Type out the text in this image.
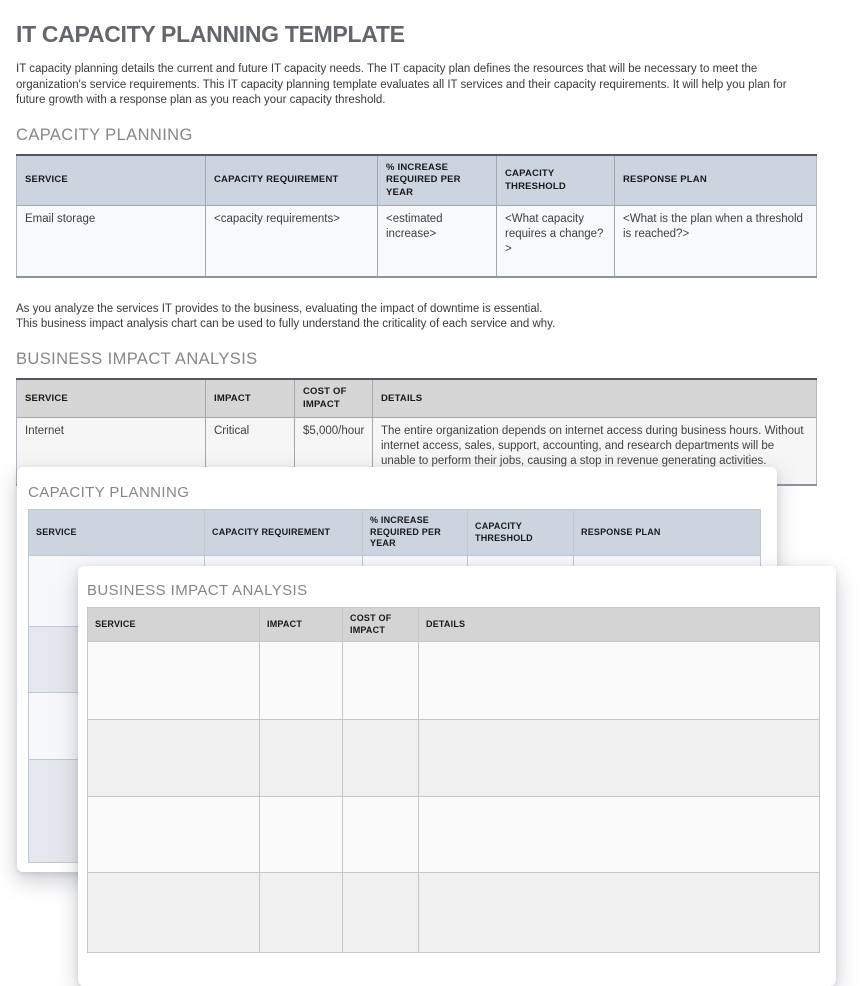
IT CAPACITY PLANNING TEMPLATE

IT capacity planning details the current and future IT capacity needs. The IT capacity plan defines the resources that will be necessary to meet the organization's service requirements. This IT capacity planning template evaluates all IT services and their capacity requirements. It will help you plan for future growth with a response plan as you reach your capacity threshold.

CAPACITY PLANNING
SERVICE	CAPACITY REQUIREMENT	% INCREASE REQUIRED PER YEAR	CAPACITY THRESHOLD	RESPONSE PLAN
Email storage	<capacity requirements>	<estimated increase>	<What capacity requires a change?>	<What is the plan when a threshold is reached?>
As you analyze the services IT provides to the business, evaluating the impact of downtime is essential.
This business impact analysis chart can be used to fully understand the criticality of each service and why.
BUSINESS IMPACT ANALYSIS
SERVICE	IMPACT	COST OF IMPACT	DETAILS
Internet	Critical	$5,000/hour	The entire organization depends on internet access during business hours. Without internet access, sales, support, accounting, and research departments will be unable to perform their jobs, causing a stop in revenue generating activities.
CAPACITY PLANNING
SERVICE	CAPACITY REQUIREMENT	% INCREASE REQUIRED PER YEAR	CAPACITY THRESHOLD	RESPONSE PLAN

BUSINESS IMPACT ANALYSIS
SERVICE	IMPACT	COST OF IMPACT	DETAILS
